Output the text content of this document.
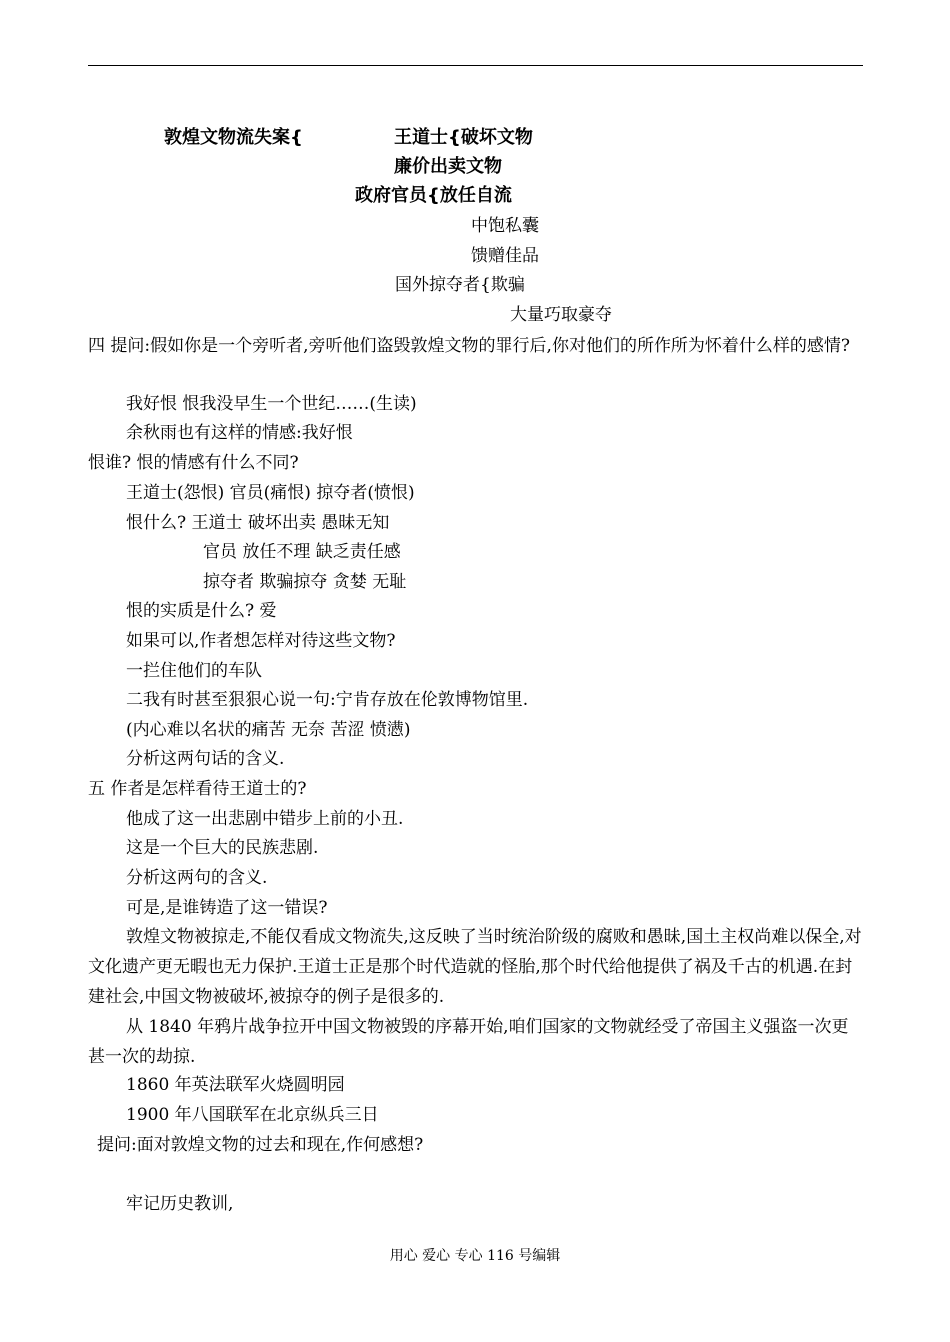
敦煌文物流失案{	王道士{破坏文物
廉价出卖文物
政府官员{放任自流
中饱私囊
馈赠佳品
国外掠夺者{欺骗
大量巧取豪夺
四 提问:假如你是一个旁听者,旁听他们盗毁敦煌文物的罪行后,你对他们的所作所为怀着什么样的感情?
我好恨 恨我没早生一个世纪……(生读)
余秋雨也有这样的情感:我好恨
恨谁? 恨的情感有什么不同?
王道士(怨恨) 官员(痛恨) 掠夺者(愤恨)
恨什么? 王道士 破坏出卖 愚昧无知
官员 放任不理 缺乏责任感
掠夺者 欺骗掠夺 贪婪 无耻
恨的实质是什么? 爱
如果可以,作者想怎样对待这些文物?
一拦住他们的车队
二我有时甚至狠狠心说一句:宁肯存放在伦敦博物馆里.
(内心难以名状的痛苦 无奈 苦涩 愤懑)
分析这两句话的含义.
五 作者是怎样看待王道士的?
他成了这一出悲剧中错步上前的小丑.
这是一个巨大的民族悲剧.
分析这两句的含义.
可是,是谁铸造了这一错误?
敦煌文物被掠走,不能仅看成文物流失,这反映了当时统治阶级的腐败和愚昧,国土主权尚难以保全,对文化遗产更无暇也无力保护.王道士正是那个时代造就的怪胎,那个时代给他提供了祸及千古的机遇.在封建社会,中国文物被破坏,被掠夺的例子是很多的.
从 1840 年鸦片战争拉开中国文物被毁的序幕开始,咱们国家的文物就经受了帝国主义强盗一次更甚一次的劫掠.
1860 年英法联军火烧圆明园
1900 年八国联军在北京纵兵三日
提问:面对敦煌文物的过去和现在,作何感想?
牢记历史教训,
用心 爱心 专心 116 号编辑
